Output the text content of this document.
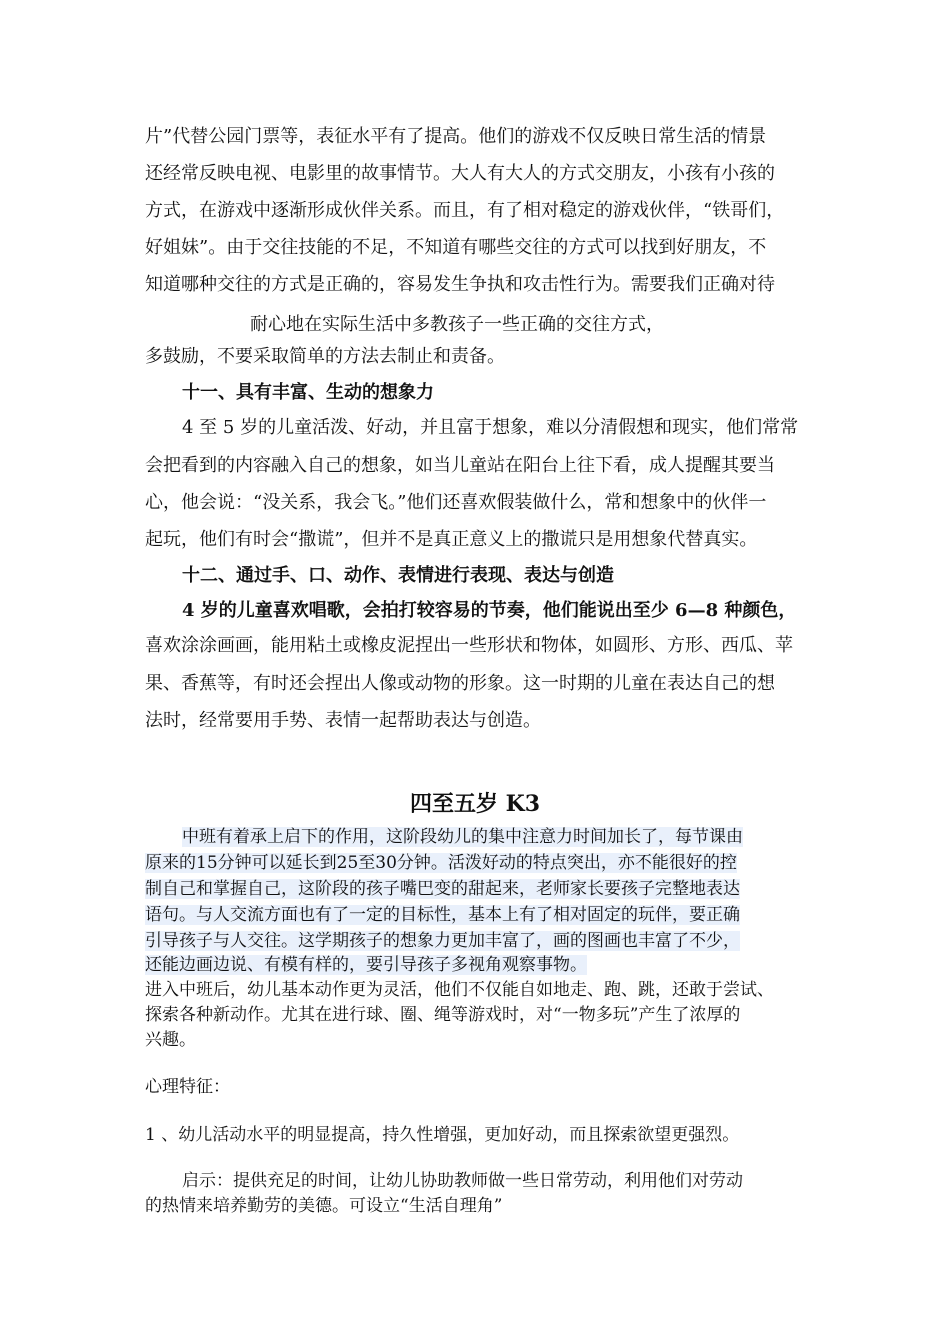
片”代替公园门票等，表征水平有了提高。他们的游戏不仅反映日常生活的情景
还经常反映电视、电影里的故事情节。大人有大人的方式交朋友，小孩有小孩的
方式，在游戏中逐渐形成伙伴关系。而且，有了相对稳定的游戏伙伴，“铁哥们，
好姐妹”。由于交往技能的不足，不知道有哪些交往的方式可以找到好朋友，不
知道哪种交往的方式是正确的，容易发生争执和攻击性行为。需要我们正确对待
耐心地在实际生活中多教孩子一些正确的交往方式，
多鼓励，不要采取简单的方法去制止和责备。
十一、具有丰富、生动的想象力
4 至 5 岁的儿童活泼、好动，并且富于想象，难以分清假想和现实，他们常常
会把看到的内容融入自己的想象，如当儿童站在阳台上往下看，成人提醒其要当
心，他会说：“没关系，我会飞。”他们还喜欢假装做什么，常和想象中的伙伴一
起玩，他们有时会“撒谎”，但并不是真正意义上的撒谎只是用想象代替真实。
十二、通过手、口、动作、表情进行表现、表达与创造
4 岁的儿童喜欢唱歌，会拍打较容易的节奏，他们能说出至少 6—8 种颜色，
喜欢涂涂画画，能用粘土或橡皮泥捏出一些形状和物体，如圆形、方形、西瓜、苹
果、香蕉等，有时还会捏出人像或动物的形象。这一时期的儿童在表达自己的想
法时，经常要用手势、表情一起帮助表达与创造。
四至五岁 K3
中班有着承上启下的作用，这阶段幼儿的集中注意力时间加长了，每节课由
原来的15分钟可以延长到25至30分钟。活泼好动的特点突出，亦不能很好的控
制自己和掌握自己，这阶段的孩子嘴巴变的甜起来，老师家长要孩子完整地表达
语句。与人交流方面也有了一定的目标性，基本上有了相对固定的玩伴，要正确
引导孩子与人交往。这学期孩子的想象力更加丰富了，画的图画也丰富了不少，
还能边画边说、有模有样的，要引导孩子多视角观察事物。
进入中班后，幼儿基本动作更为灵活，他们不仅能自如地走、跑、跳，还敢于尝试、
探索各种新动作。尤其在进行球、圈、绳等游戏时，对“一物多玩”产生了浓厚的
兴趣。
心理特征：
1 、幼儿活动水平的明显提高，持久性增强，更加好动，而且探索欲望更强烈。
启示：提供充足的时间，让幼儿协助教师做一些日常劳动，利用他们对劳动
的热情来培养勤劳的美德。可设立“生活自理角”
